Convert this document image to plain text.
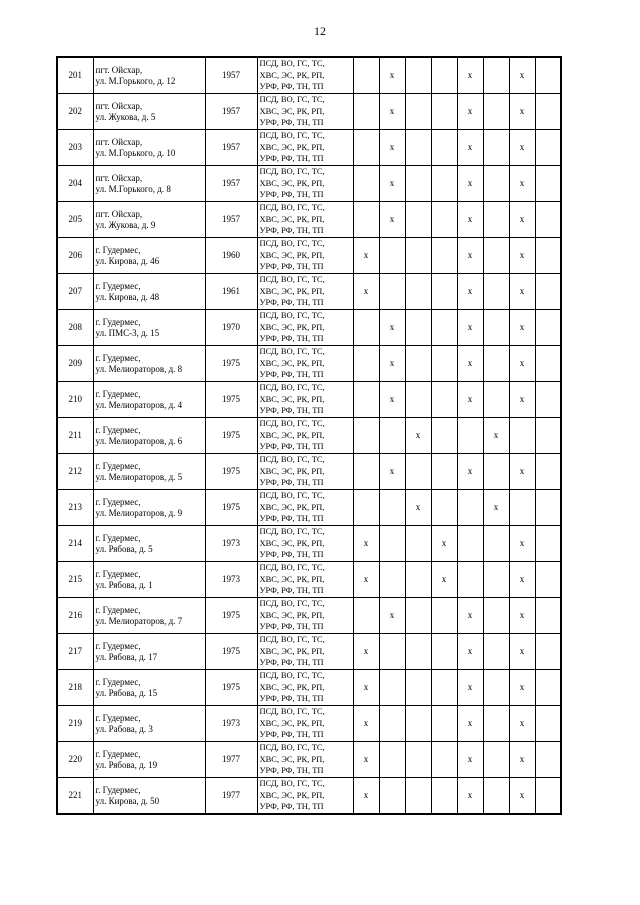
12
201	пгт. Ойсхар,
ул. М.Горького, д. 12	1957	ПСД, ВО, ГС, ТС,
ХВС, ЭС, РК, РП,
УРФ, РФ, ТН, ТП		x			x		x	
202	пгт. Ойсхар,
ул. Жукова, д. 5	1957	ПСД, ВО, ГС, ТС,
ХВС, ЭС, РК, РП,
УРФ, РФ, ТН, ТП		x			x		x	
203	пгт. Ойсхар,
ул. М.Горького, д. 10	1957	ПСД, ВО, ГС, ТС,
ХВС, ЭС, РК, РП,
УРФ, РФ, ТН, ТП		x			x		x	
204	пгт. Ойсхар,
ул. М.Горького, д. 8	1957	ПСД, ВО, ГС, ТС,
ХВС, ЭС, РК, РП,
УРФ, РФ, ТН, ТП		x			x		x	
205	пгт. Ойсхар,
ул. Жукова, д. 9	1957	ПСД, ВО, ГС, ТС,
ХВС, ЭС, РК, РП,
УРФ, РФ, ТН, ТП		x			x		x	
206	г. Гудермес,
ул. Кирова, д. 46	1960	ПСД, ВО, ГС, ТС,
ХВС, ЭС, РК, РП,
УРФ, РФ, ТН, ТП	x				x		x	
207	г. Гудермес,
ул. Кирова, д. 48	1961	ПСД, ВО, ГС, ТС,
ХВС, ЭС, РК, РП,
УРФ, РФ, ТН, ТП	x				x		x	
208	г. Гудермес,
ул. ПМС-3, д. 15	1970	ПСД, ВО, ГС, ТС,
ХВС, ЭС, РК, РП,
УРФ, РФ, ТН, ТП		x			x		x	
209	г. Гудермес,
ул. Мелиораторов, д. 8	1975	ПСД, ВО, ГС, ТС,
ХВС, ЭС, РК, РП,
УРФ, РФ, ТН, ТП		x			x		x	
210	г. Гудермес,
ул. Мелиораторов, д. 4	1975	ПСД, ВО, ГС, ТС,
ХВС, ЭС, РК, РП,
УРФ, РФ, ТН, ТП		x			x		x	
211	г. Гудермес,
ул. Мелиораторов, д. 6	1975	ПСД, ВО, ГС, ТС,
ХВС, ЭС, РК, РП,
УРФ, РФ, ТН, ТП			x			x		
212	г. Гудермес,
ул. Мелиораторов, д. 5	1975	ПСД, ВО, ГС, ТС,
ХВС, ЭС, РК, РП,
УРФ, РФ, ТН, ТП		x			x		x	
213	г. Гудермес,
ул. Мелиораторов, д. 9	1975	ПСД, ВО, ГС, ТС,
ХВС, ЭС, РК, РП,
УРФ, РФ, ТН, ТП			x			x		
214	г. Гудермес,
ул. Рябова, д. 5	1973	ПСД, ВО, ГС, ТС,
ХВС, ЭС, РК, РП,
УРФ, РФ, ТН, ТП	x			x			x	
215	г. Гудермес,
ул. Рябова, д. 1	1973	ПСД, ВО, ГС, ТС,
ХВС, ЭС, РК, РП,
УРФ, РФ, ТН, ТП	x			x			x	
216	г. Гудермес,
ул. Мелиораторов, д. 7	1975	ПСД, ВО, ГС, ТС,
ХВС, ЭС, РК, РП,
УРФ, РФ, ТН, ТП		x			x		x	
217	г. Гудермес,
ул. Рябова, д. 17	1975	ПСД, ВО, ГС, ТС,
ХВС, ЭС, РК, РП,
УРФ, РФ, ТН, ТП	x				x		x	
218	г. Гудермес,
ул. Рябова, д. 15	1975	ПСД, ВО, ГС, ТС,
ХВС, ЭС, РК, РП,
УРФ, РФ, ТН, ТП	x				x		x	
219	г. Гудермес,
ул. Рабова, д. 3	1973	ПСД, ВО, ГС, ТС,
ХВС, ЭС, РК, РП,
УРФ, РФ, ТН, ТП	x				x		x	
220	г. Гудермес,
ул. Рябова, д. 19	1977	ПСД, ВО, ГС, ТС,
ХВС, ЭС, РК, РП,
УРФ, РФ, ТН, ТП	x				x		x	
221	г. Гудермес,
ул. Кирова, д. 50	1977	ПСД, ВО, ГС, ТС,
ХВС, ЭС, РК, РП,
УРФ, РФ, ТН, ТП	x				x		x	
